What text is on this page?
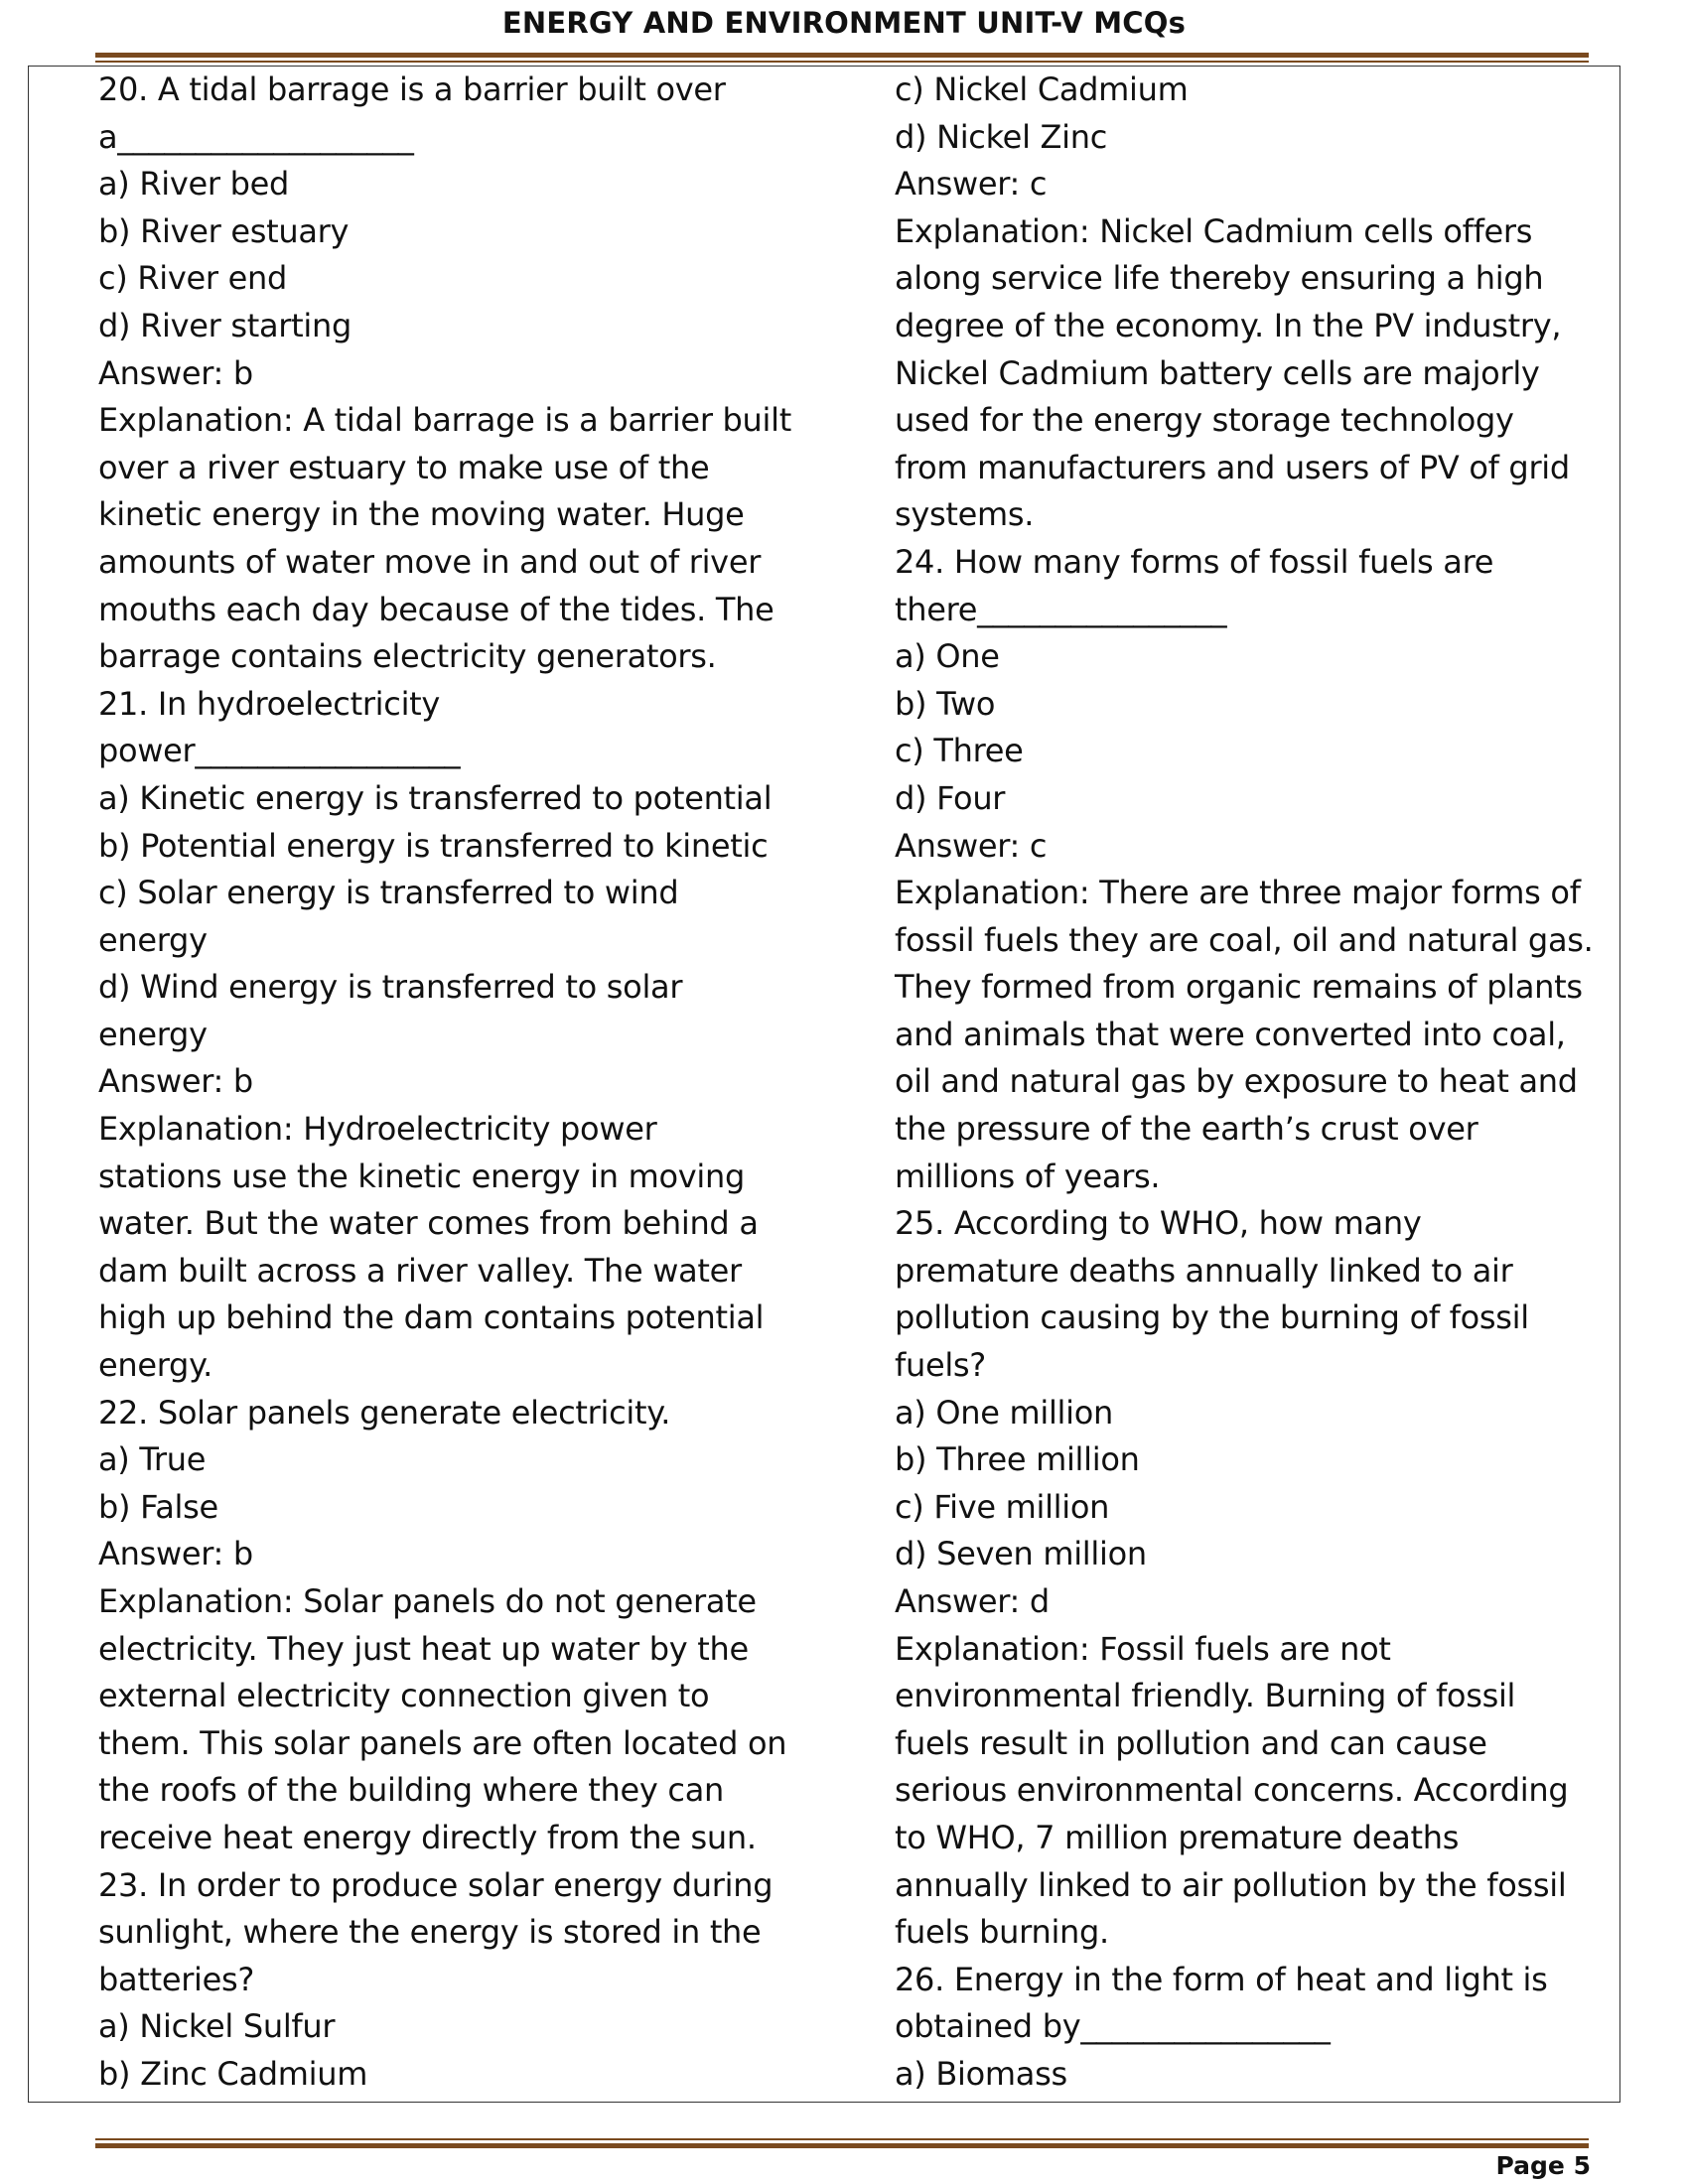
ENERGY AND ENVIRONMENT UNIT-V MCQs

20. A tidal barrage is a barrier built over

a___________________

a) River bed

b) River estuary

c) River end

d) River starting

Answer: b

Explanation: A tidal barrage is a barrier built

over a river estuary to make use of the

kinetic energy in the moving water. Huge

amounts of water move in and out of river

mouths each day because of the tides. The

barrage contains electricity generators.

21. In hydroelectricity

power_________________

a) Kinetic energy is transferred to potential

b) Potential energy is transferred to kinetic

c) Solar energy is transferred to wind

energy

d) Wind energy is transferred to solar

energy

Answer: b

Explanation: Hydroelectricity power

stations use the kinetic energy in moving

water. But the water comes from behind a

dam built across a river valley. The water

high up behind the dam contains potential

energy.

22. Solar panels generate electricity.

a) True

b) False

Answer: b

Explanation: Solar panels do not generate

electricity. They just heat up water by the

external electricity connection given to

them. This solar panels are often located on

the roofs of the building where they can

receive heat energy directly from the sun.

23. In order to produce solar energy during

sunlight, where the energy is stored in the

batteries?

a) Nickel Sulfur

b) Zinc Cadmium

c) Nickel Cadmium

d) Nickel Zinc

Answer: c

Explanation: Nickel Cadmium cells offers

along service life thereby ensuring a high

degree of the economy. In the PV industry,

Nickel Cadmium battery cells are majorly

used for the energy storage technology

from manufacturers and users of PV of grid

systems.

24. How many forms of fossil fuels are

there________________

a) One

b) Two

c) Three

d) Four

Answer: c

Explanation: There are three major forms of

fossil fuels they are coal, oil and natural gas.

They formed from organic remains of plants

and animals that were converted into coal,

oil and natural gas by exposure to heat and

the pressure of the earth’s crust over

millions of years.

25. According to WHO, how many

premature deaths annually linked to air

pollution causing by the burning of fossil

fuels?

a) One million

b) Three million

c) Five million

d) Seven million

Answer: d

Explanation: Fossil fuels are not

environmental friendly. Burning of fossil

fuels result in pollution and can cause

serious environmental concerns. According

to WHO, 7 million premature deaths

annually linked to air pollution by the fossil

fuels burning.

26. Energy in the form of heat and light is

obtained by________________

a) Biomass

Page 5
